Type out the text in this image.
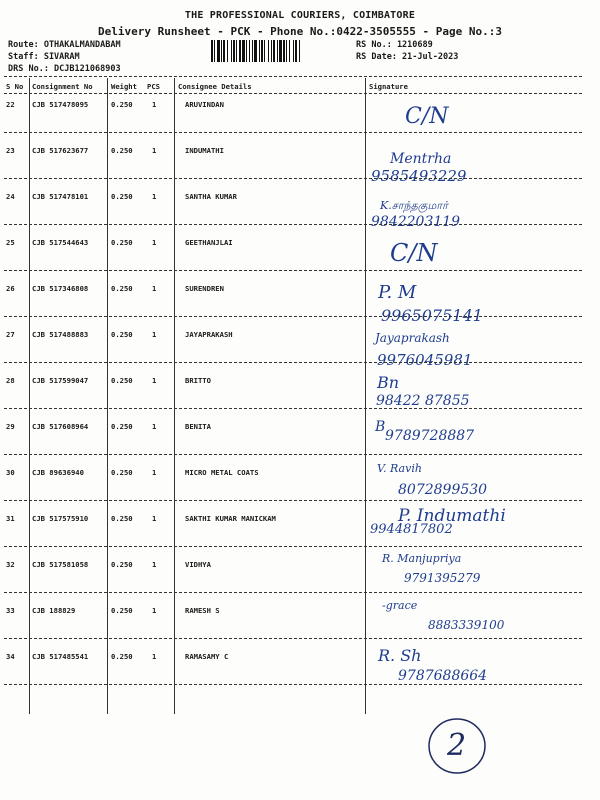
THE PROFESSIONAL COURIERS, COIMBATORE
Delivery Runsheet - PCK - Phone No.:0422-3505555 - Page No.:3
Route: OTHAKALMANDABAM
Staff: SIVARAM
DRS No.: DCJB121068903
RS No.: 1210689
RS Date: 21-Jul-2023
S No Consignment No	Weight PCS	Consignee Details	Signature
22 CJB 517478095	0.250	1	ARUVINDAN	C/N
23 CJB 517623677	0.250	1	INDUMATHI
Mentrha
9585493229
24 CJB 517478101	0.250	1	SANTHA KUMAR
K.சாந்தகுமார்
9842203119
25 CJB 517544643	0.250	1	GEETHANJLAI	C/N
26 CJB 517346808	0.250	1	SURENDREN	P. M
9965075141
27 CJB 517488883	0.250	1	JAYAPRAKASH	Jayaprakash
9976045981
28 CJB 517599047	0.250	1	BRITTO	Bn
98422 87855
29 CJB 517608964	0.250	1	BENITA	B
9789728887
30 CJB 89636940	0.250	1	MICRO METAL COATS	V. Ravih
8072899530
31 CJB 517575910	0.250	1	SAKTHI KUMAR MANICKAM	P. Indumathi
9944817802
32 CJB 517581058	0.250	1	VIDHYA	R. Manjupriya
9791395279
33 CJB 188829	0.250	1	RAMESH S	-grace
8883339100
34 CJB 517485541	0.250	1	RAMASAMY C	R. Sh
9787688664
2
